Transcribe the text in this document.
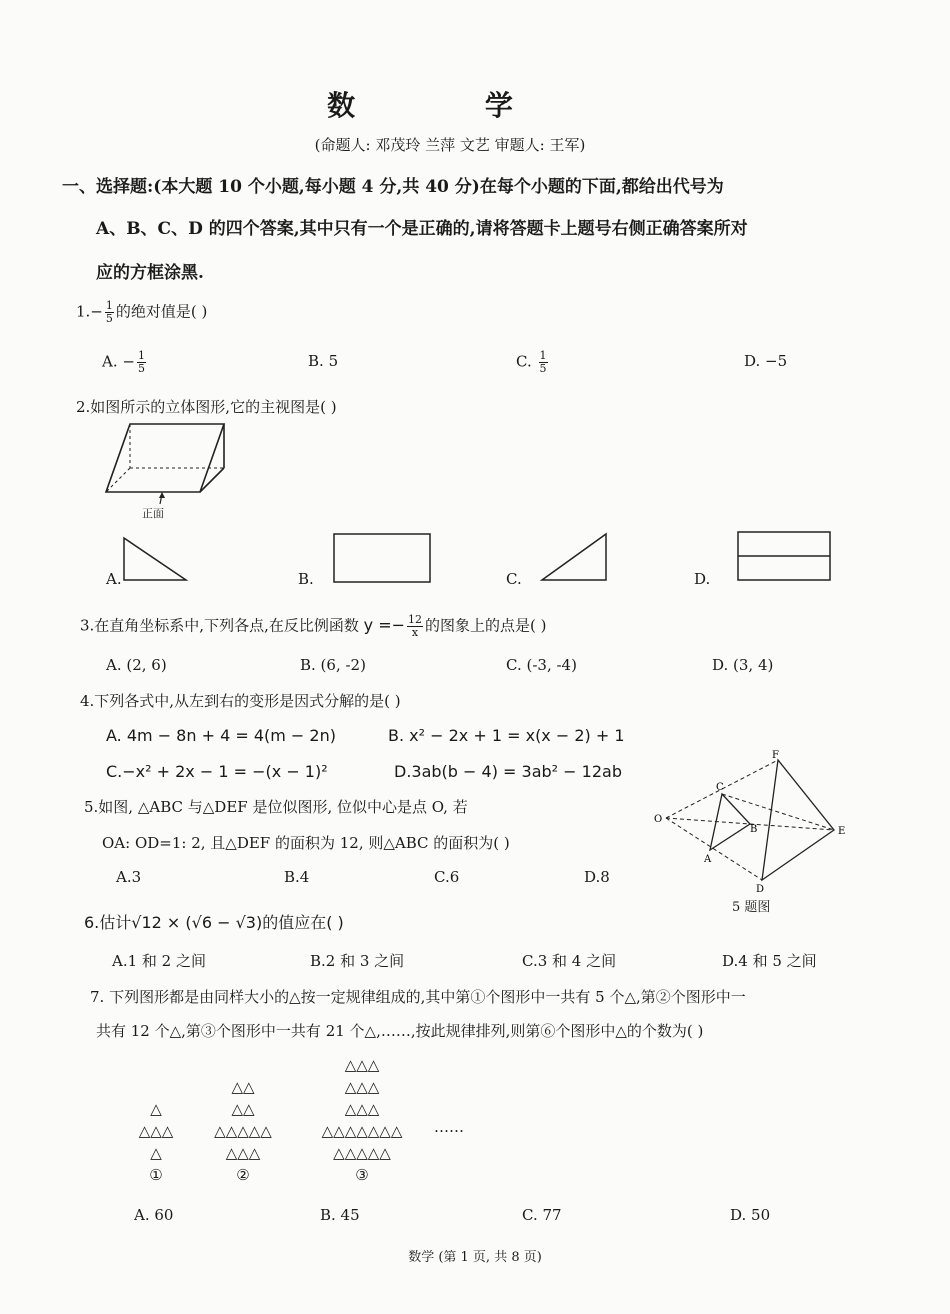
数 学
(命题人: 邓茂玲 兰萍 文艺 审题人: 王军)
一、选择题:(本大题 10 个小题,每小题 4 分,共 40 分)在每个小题的下面,都给出代号为
A、B、C、D 的四个答案,其中只有一个是正确的,请将答题卡上题号右侧正确答案所对
应的方框涂黑.
$1.- \frac{1}{5}$ 的绝对值是( )
A. − $\frac{1}{5}$	B. 5	C. $\frac{1}{5}$	D. −5
2.如图所示的立体图形,它的主视图是( )
正面
A.	B.	C.	D.
3.在直角坐标系中,下列各点,在反比例函数 $y =- \frac{12}{x}$ 的图象上的点是( )
A. (2, 6)	B. (6, -2)	C. (-3, -4)	D. (3, 4)
4.下列各式中,从左到右的变形是因式分解的是( )
A. 4m − 8n + 4 = 4(m − 2n)	B. x² − 2x + 1 = x(x − 2) + 1
C.−x² + 2x − 1 = −(x − 1)²	D.3ab(b − 4) = 3ab² − 12ab
5.如图, △ABC 与△DEF 是位似图形, 位似中心是点 O, 若
OA: OD=1: 2, 且△DEF 的面积为 12, 则△ABC 的面积为( )
A.3	B.4	C.6	D.8
O
A
B
C
D
E
F
5 题图
6.估计√12 × (√6 − √3)的值应在( )
A.1 和 2 之间	B.2 和 3 之间	C.3 和 4 之间	D.4 和 5 之间
7. 下列图形都是由同样大小的△按一定规律组成的,其中第①个图形中一共有 5 个△,第②个图形中一
共有 12 个△,第③个图形中一共有 21 个△,……,按此规律排列,则第⑥个图形中△的个数为( )
△
△△△
△
①
△△
△△
△△△△△
△△△
②
△△△
△△△
△△△
△△△△△△△
△△△△△
③
……
A. 60	B. 45	C. 77	D. 50
数学 (第 1 页, 共 8 页)
